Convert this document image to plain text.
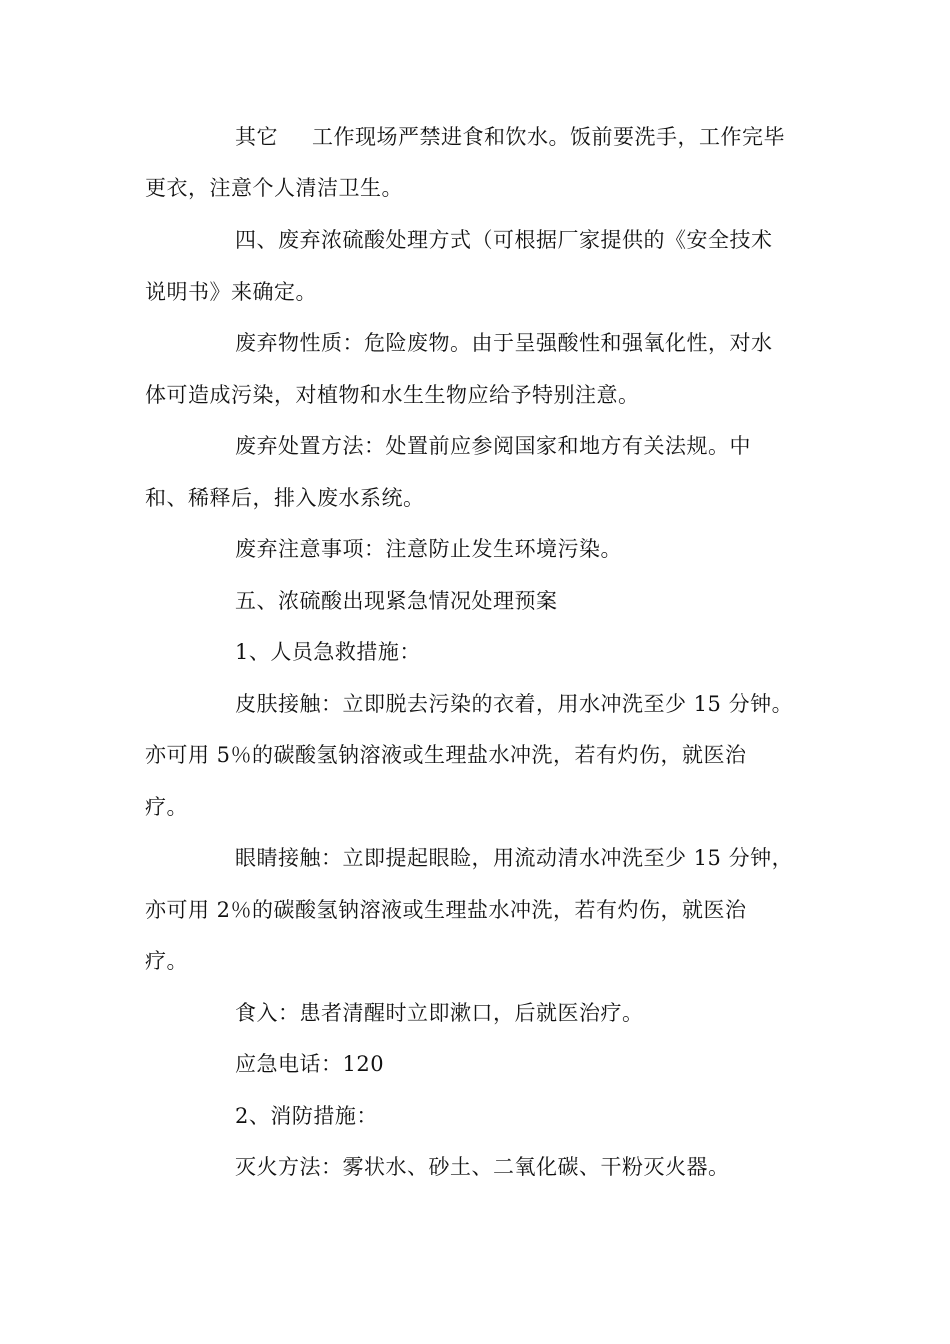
其它 工作现场严禁进食和饮水。饭前要洗手，工作完毕
更衣，注意个人清洁卫生。
四、废弃浓硫酸处理方式（可根据厂家提供的《安全技术
说明书》来确定。
废弃物性质：危险废物。由于呈强酸性和强氧化性，对水
体可造成污染，对植物和水生生物应给予特别注意。
废弃处置方法：处置前应参阅国家和地方有关法规。中
和、稀释后，排入废水系统。
废弃注意事项：注意防止发生环境污染。
五、浓硫酸出现紧急情况处理预案
1、人员急救措施：
皮肤接触：立即脱去污染的衣着，用水冲洗至少 15 分钟。
亦可用 5％的碳酸氢钠溶液或生理盐水冲洗，若有灼伤，就医治
疗。
眼睛接触：立即提起眼睑，用流动清水冲洗至少 15 分钟，
亦可用 2％的碳酸氢钠溶液或生理盐水冲洗，若有灼伤，就医治
疗。
食入：患者清醒时立即漱口，后就医治疗。
应急电话：120
2、消防措施：
灭火方法：雾状水、砂土、二氧化碳、干粉灭火器。
